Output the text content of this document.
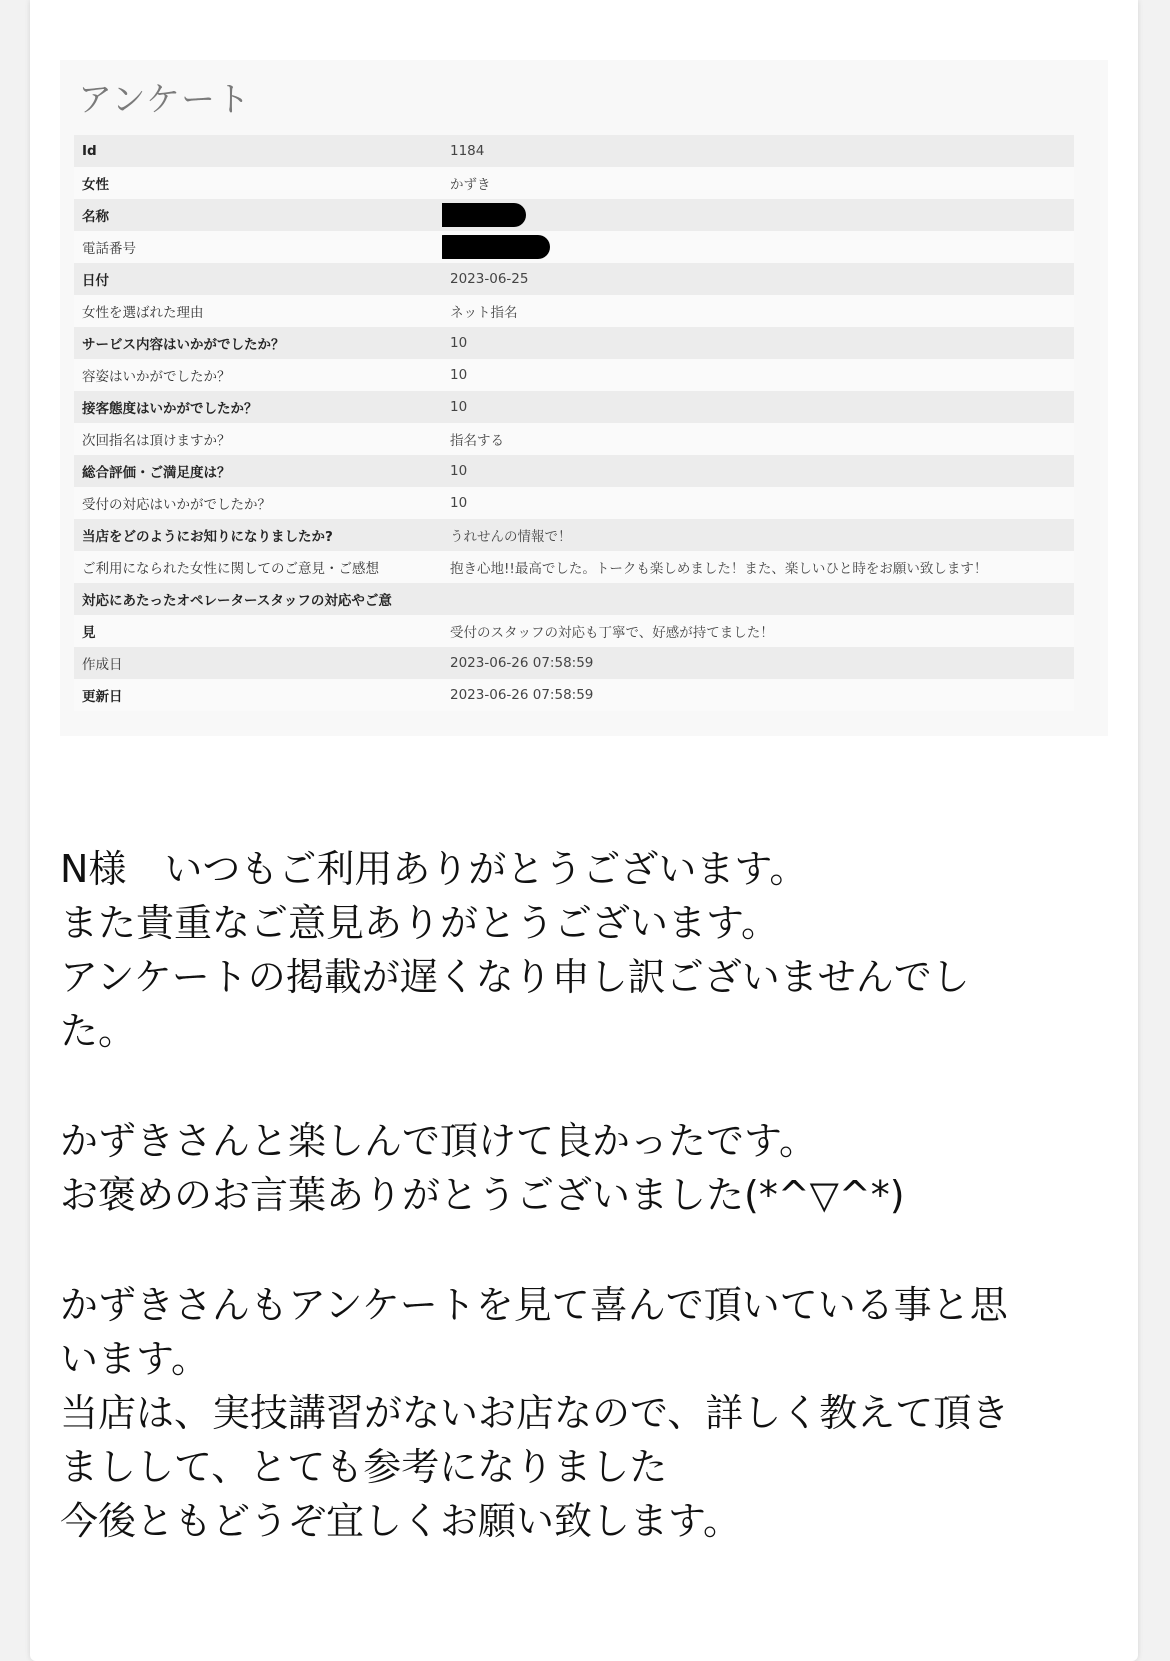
アンケート
Id	1184
女性	かずき
名称	
電話番号	
日付	2023-06-25
女性を選ばれた理由	ネット指名
サービス内容はいかがでしたか？	10
容姿はいかがでしたか？	10
接客態度はいかがでしたか？	10
次回指名は頂けますか？	指名する
総合評価・ご満足度は？	10
受付の対応はいかがでしたか？	10
当店をどのようにお知りになりましたか?	うれせんの情報で！
ご利用になられた女性に関してのご意見・ご感想	抱き心地!!最高でした。トークも楽しめました！また、楽しいひと時をお願い致します！
対応にあたったオペレータースタッフの対応やご意	
見	受付のスタッフの対応も丁寧で、好感が持てました！
作成日	2023-06-26 07:58:59
更新日	2023-06-26 07:58:59

N様　いつもご利用ありがとうございます。

また貴重なご意見ありがとうございます。

アンケートの掲載が遅くなり申し訳ございませんでし

た。

かずきさんと楽しんで頂けて良かったです。

お褒めのお言葉ありがとうございました(*^▽^*)

かずきさんもアンケートを見て喜んで頂いている事と思

います。

当店は、実技講習がないお店なので、詳しく教えて頂き

ましして、とても参考になりました

今後ともどうぞ宜しくお願い致します。
